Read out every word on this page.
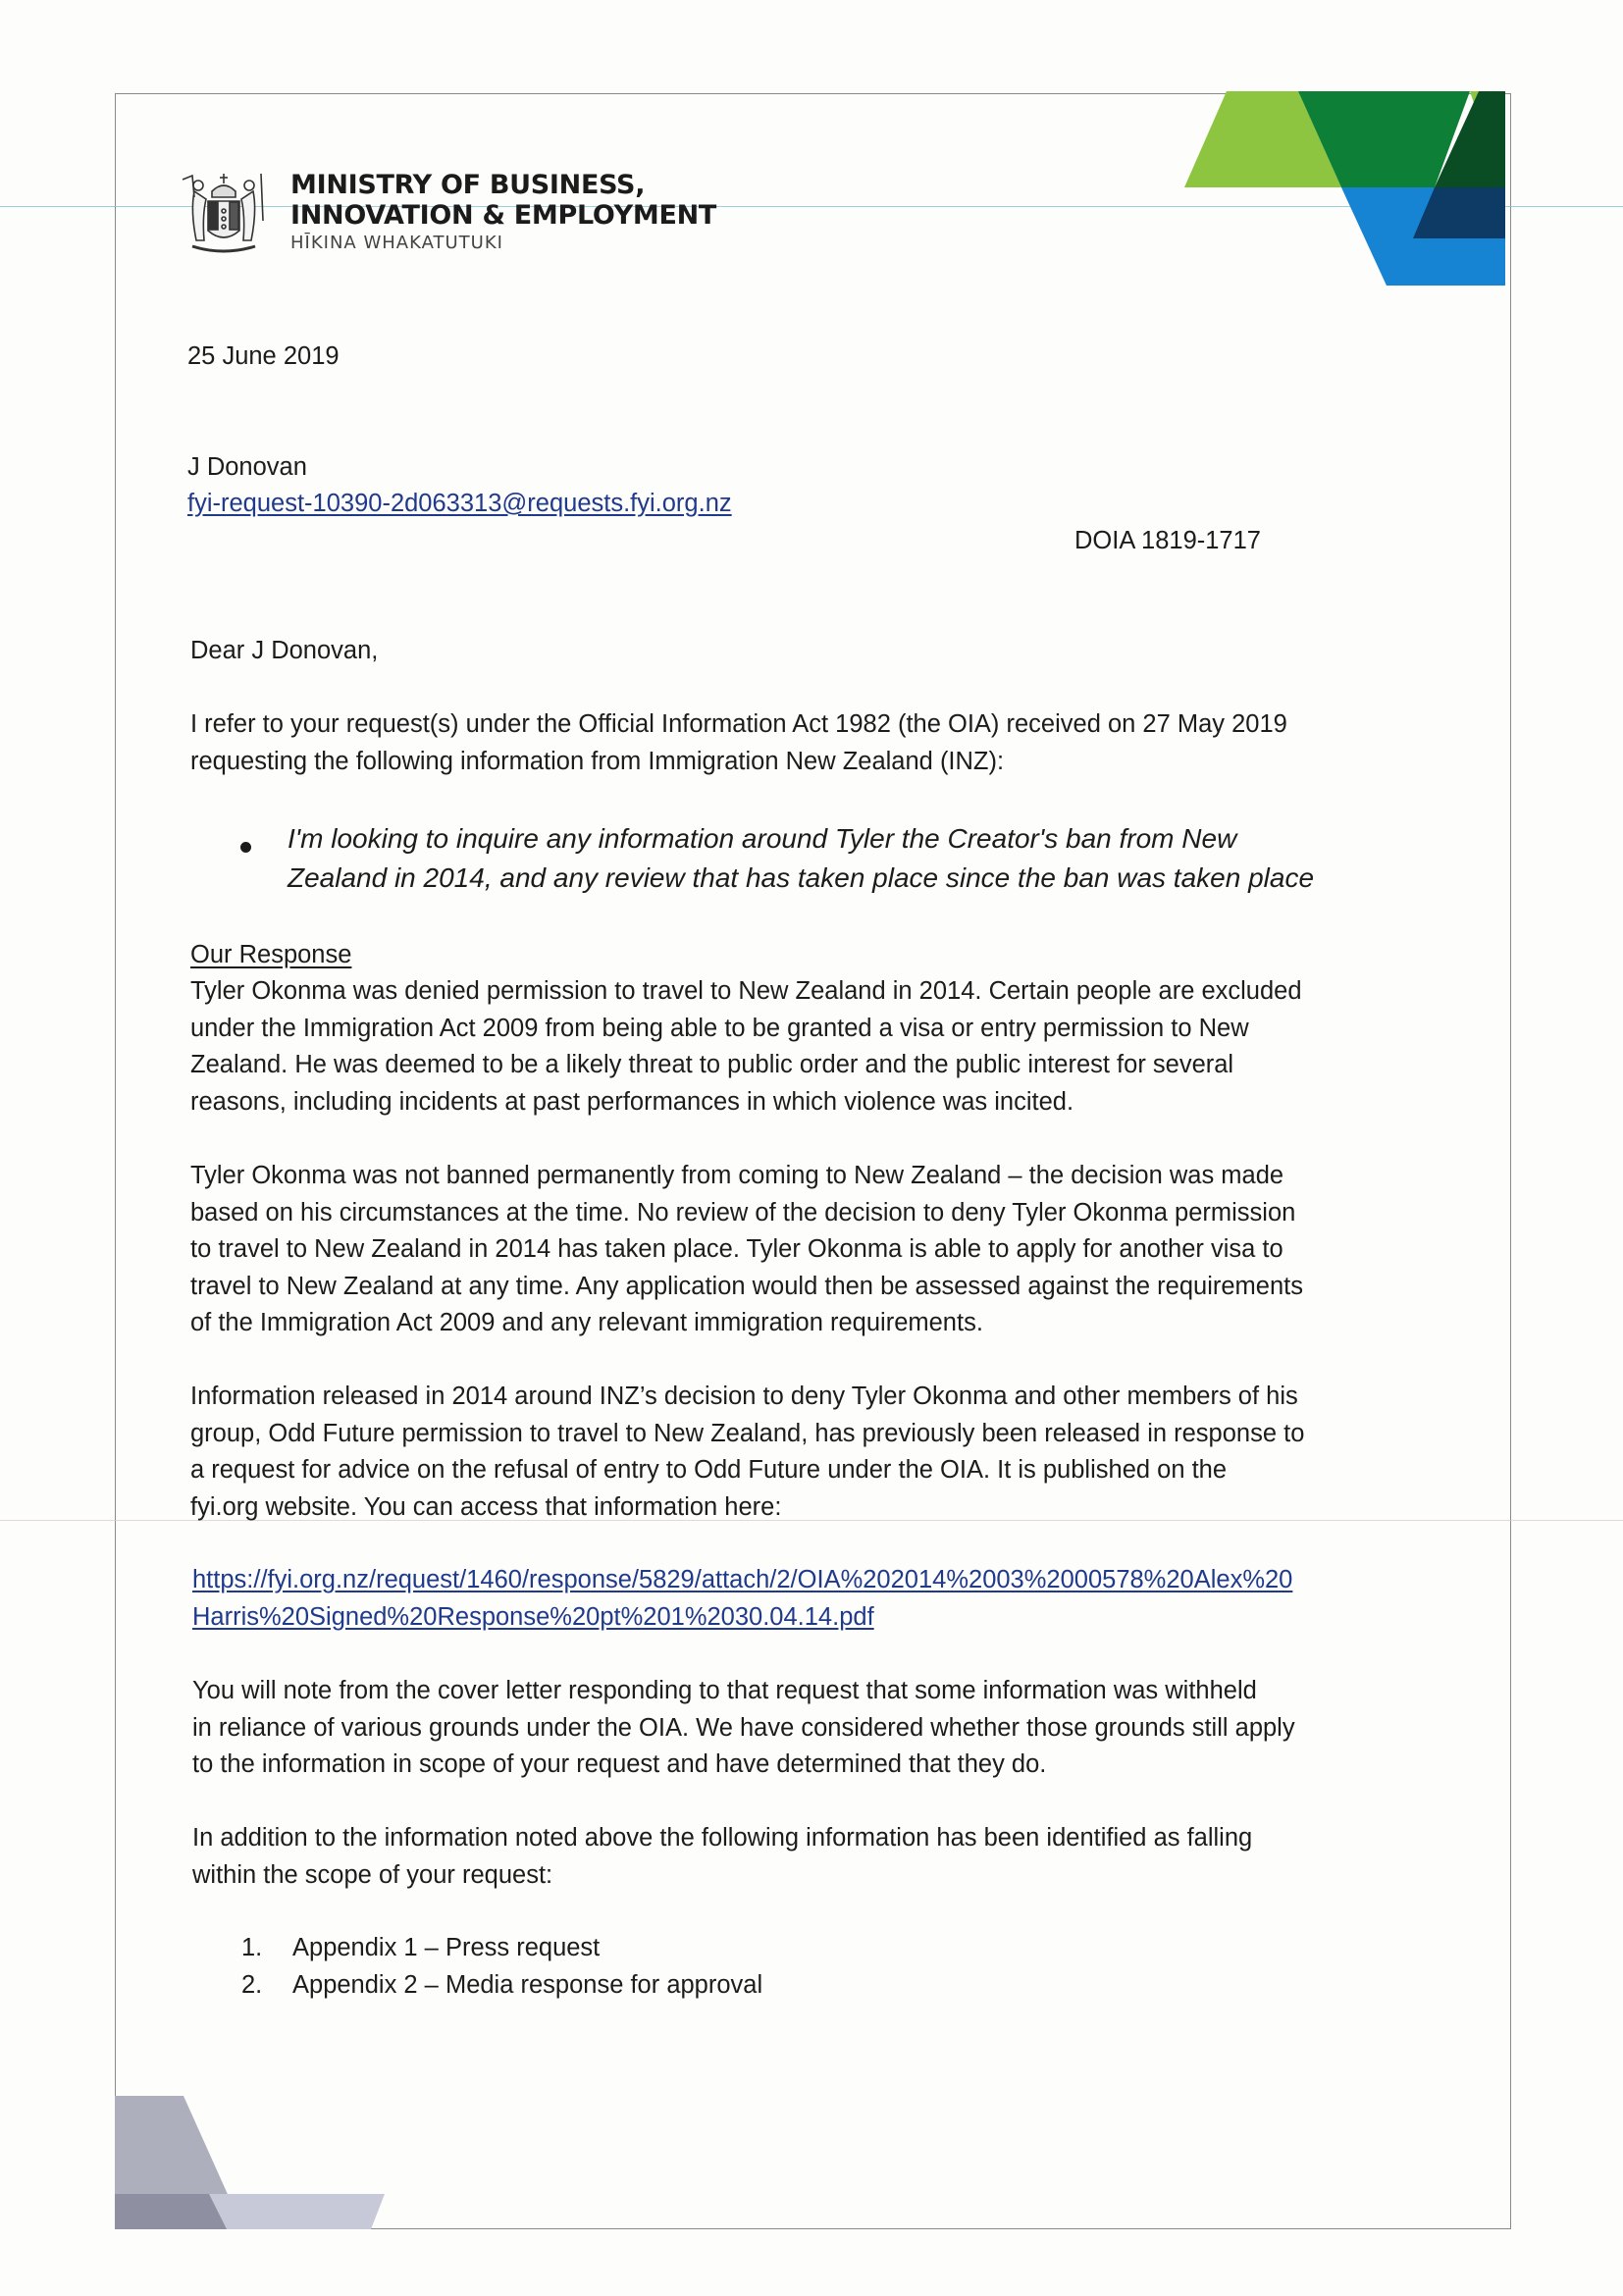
MINISTRY OF BUSINESS,
INNOVATION & EMPLOYMENT
HĪKINA WHAKATUTUKI
25 June 2019
J Donovan
fyi-request-10390-2d063313@requests.fyi.org.nz
DOIA 1819-1717
Dear J Donovan,
I refer to your request(s) under the Official Information Act 1982 (the OIA) received on 27 May 2019
requesting the following information from Immigration New Zealand (INZ):
I'm looking to inquire any information around Tyler the Creator's ban from New
Zealand in 2014, and any review that has taken place since the ban was taken place
Our Response
Tyler Okonma was denied permission to travel to New Zealand in 2014. Certain people are excluded
under the Immigration Act 2009 from being able to be granted a visa or entry permission to New
Zealand. He was deemed to be a likely threat to public order and the public interest for several
reasons, including incidents at past performances in which violence was incited.
Tyler Okonma was not banned permanently from coming to New Zealand – the decision was made
based on his circumstances at the time. No review of the decision to deny Tyler Okonma permission
to travel to New Zealand in 2014 has taken place. Tyler Okonma is able to apply for another visa to
travel to New Zealand at any time. Any application would then be assessed against the requirements
of the Immigration Act 2009 and any relevant immigration requirements.
Information released in 2014 around INZ’s decision to deny Tyler Okonma and other members of his
group, Odd Future permission to travel to New Zealand, has previously been released in response to
a request for advice on the refusal of entry to Odd Future under the OIA. It is published on the
fyi.org website. You can access that information here:
https://fyi.org.nz/request/1460/response/5829/attach/2/OIA%202014%2003%2000578%20Alex%20
Harris%20Signed%20Response%20pt%201%2030.04.14.pdf
You will note from the cover letter responding to that request that some information was withheld
in reliance of various grounds under the OIA. We have considered whether those grounds still apply
to the information in scope of your request and have determined that they do.
In addition to the information noted above the following information has been identified as falling
within the scope of your request:
1. Appendix 1 – Press request
2. Appendix 2 – Media response for approval
